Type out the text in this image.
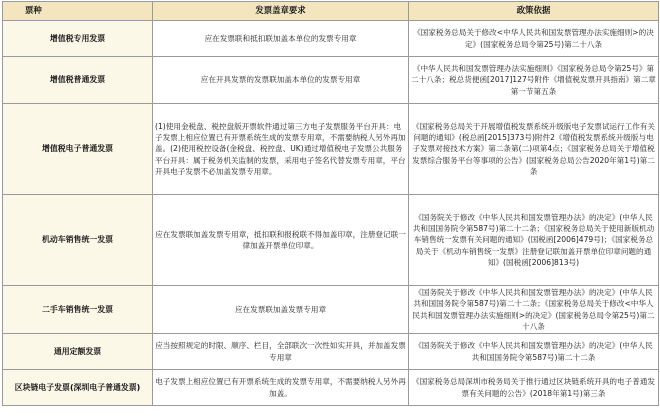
票种	发票盖章要求	政策依据
增值税专用发票	应在发票联和抵扣联加盖本单位的发票专用章	《国家税务总局关于修改<中华人民共和国发票管理办法实施细则>的决定》(国家税务总局令第25号)第二十八条
增值税普通发票	应在开具发票的发票联加盖本单位的发票专用章	《中华人民共和国发票管理办法实施细则》《国家税务总局令第25号》第二十八条；税总货便函[2017]127号附件《增值税发票开具指南》第二章第一节第五条
增值税电子普通发票	(1)使用金税盘、税控盘版开票软件通过第三方电子发票服务平台开具：电子发票上相应位置已有开票系统生成的发票专用章，不需要纳税人另外再加盖。(2)使用税控设备(金税盘、税控盘、UK)通过增值税电子发票公共服务平台开具：属于税务机关监制的发票，采用电子签名代替发票专用章，平台开具电子发票不必加盖发票专用章。	《国家税务总局关于开展增值税发票系统升级版电子发票试运行工作有关问题的通知》(税总函[2015]373号)附件2《增值税发票系统升级版与电子发票对接技术方案》第二条第(二)项第4点；《国家税务总局关于增值税发票综合服务平台等事项的公告》(国家税务总局公告2020年第1号)第二条
机动车销售统一发票	应在发票联加盖发票专用章，抵扣联和报税联不得加盖印章，注册登记联一律加盖开票单位印章。	《国务院关于修改《中华人民共和国发票管理办法》的决定》(中华人民共和国国务院令第587号)第二十二条；《国家税务总局关于使用新版机动车销售统一发票有关问题的通知》(国税函[2006]479号)；《国家税务总局关于《机动车销售统一发票》注册登记联加盖开票单位印章问题的通知》(国税函[2006]813号)
二手车销售统一发票	应在发票联加盖发票专用章	《国务院关于修改《中华人民共和国发票管理办法》的决定》(中华人民共和国国务院令第587号)第二十二条；《国家税务总局关于修改<中华人民共和国发票管理办法实施细则>的决定》(国家税务总局令第25号)第二十八条
通用定额发票	应当按照规定的时限、顺序、栏目，全部联次一次性如实开具，并加盖发票专用章	《国务院关于修改《中华人民共和国发票管理办法》的决定》(中华人民共和国国务院令第587号)第二十二条
区块链电子发票(深圳电子普通发票)	电子发票上相应位置已有开票系统生成的发票专用章，不需要纳税人另外再加盖。	《国家税务总局深圳市税务局关于推行通过区块链系统开具的电子普通发票有关问题的公告》(2018年第1号)第三条
